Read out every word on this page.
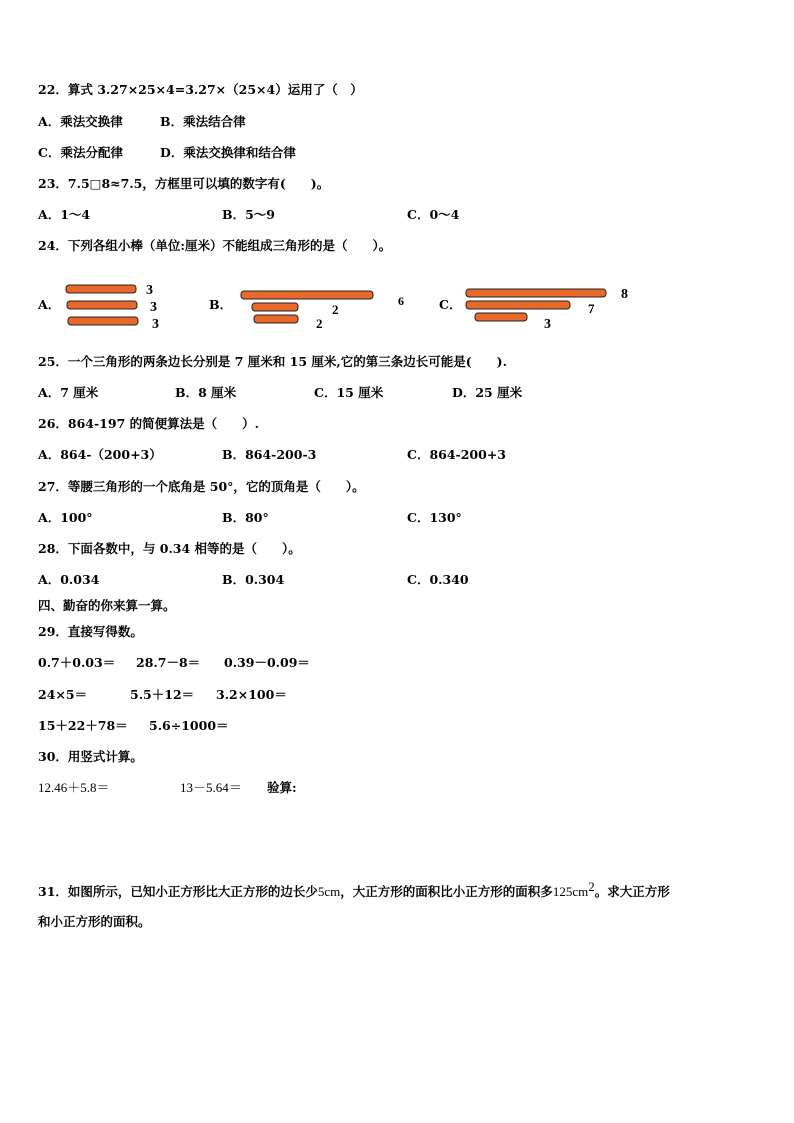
22．算式 3.27×25×4=3.27×（25×4）运用了（　）
A．乘法交换律	B．乘法结合律
C．乘法分配律	D．乘法交换律和结合律
23．7.5□8≈7.5，方框里可以填的数字有(　　)。
A．1～4	B．5～9	C．0～4
24．下列各组小棒（单位:厘米）不能组成三角形的是（　　）。
A．
3
3
3
B．	6
2
2
C．
8
7
3
25．一个三角形的两条边长分别是 7 厘米和 15 厘米,它的第三条边长可能是(　　).
A．7 厘米	B．8 厘米	C．15 厘米	D．25 厘米
26．864-197 的简便算法是（　　）.
A．864-（200+3）	B．864-200-3	C．864-200+3
27．等腰三角形的一个底角是 50°，它的顶角是（　　）。
A．100°	B．80°	C．130°
28．下面各数中，与 0.34 相等的是（　　）。
A．0.034	B．0.304	C．0.340
四、勤奋的你来算一算。
29．直接写得数。
0.7＋0.03＝ 28.7－8＝ 0.39－0.09＝
24×5＝	5.5＋12＝ 3.2×100＝
15＋22＋78＝ 5.6÷1000＝
30．用竖式计算。
12.46＋5.8＝	13－5.64＝ 验算:
31．如图所示，已知小正方形比大正方形的边长少5cm，大正方形的面积比小正方形的面积多$125cm^2$。求大正方形
和小正方形的面积。
